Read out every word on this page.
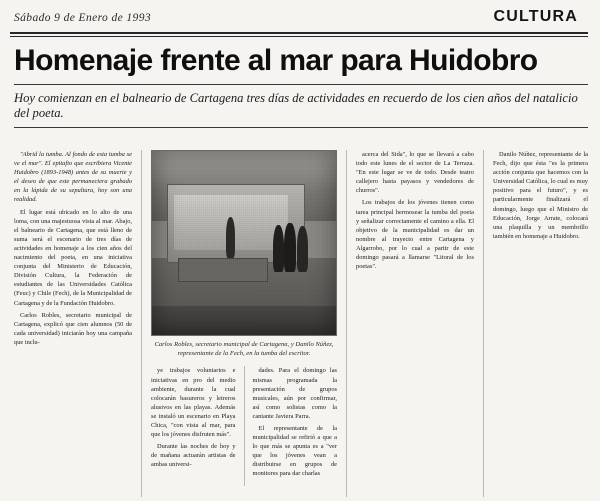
Sábado 9 de Enero de 1993	CULTURA
Homenaje frente al mar para Huidobro
Hoy comienzan en el balneario de Cartagena tres días de actividades en recuerdo de los cien años del natalicio del poeta.

"Abrid la tumba. Al fondo de esta tumba se ve el mar". El epitafio que escribiera Vicente Huidobro (1893-1948) antes de su muerte y el deseo de que este permaneciera grabado en la lápida de su sepultura, hoy son una realidad.

El lugar está ubicado en lo alto de una loma, con una majestuosa vista al mar. Abajo, el balneario de Cartagena, que está lleno de suma será el escenario de tres días de actividades en homenaje a los cien años del nacimiento del poeta, en una iniciativa conjunta del Ministerio de Educación, División Cultura, la Federación de estudiantes de las Universidades Católica (Feuc) y Chile (Fech), de la Municipalidad de Cartagena y de la Fundación Huidobro.

Carlos Robles, secretario municipal de Cartagena, explicó que cien alumnos (50 de cada universidad) iniciarán hoy una campaña que inclu-	Carlos Robles, secretario municipal de Cartagena, y Danilo Núñez, representante de la Fech, en la tumba del escritor.

ye trabajos voluntarios e iniciativas en pro del medio ambiente, durante la cual colocarán basureros y letreros alusivos en las playas. Además se instaló un escenario en Playa Chica, "con vista al mar, para que los jóvenes disfruten más".

Durante las noches de hoy y de mañana actuarán artistas de ambas universi-

dades. Para el domingo las mismas programada la presentación de grupos musicales, aún por confirmar, así como solistas como la cantante Javiera Parra.

El representante de la municipalidad se refirió a que a lo que más se apunta es a "ver que los jóvenes vean a distribuirse en grupos de monitores para dar charlas

acerca del Sida", lo que se llevará a cabo todo este lunes de el sector de La Terraza. "En este lugar se ve de todo. Desde teatro callejero hasta payasos y vendedores de churros".

Los trabajos de los jóvenes tienen como tarea principal hermosear la tumba del poeta y señalizar correctamente el camino a ella. El objetivo de la municipalidad es dar un nombre al trayecto entre Cartagena y Algarrobo, por lo cual a partir de este domingo pasará a llamarse "Litoral de los poetas".

Danilo Núñez, representante de la Fech, dijo que ésta "es la primera acción conjunta que hacemos con la Universidad Católica, lo cual es muy positivo para el futuro", y es particularmente finalizará el domingo, luego que el Ministro de Educación, Jorge Arrate, colocará una plaquilla y un membrillo también en homenaje a Huidobro.
